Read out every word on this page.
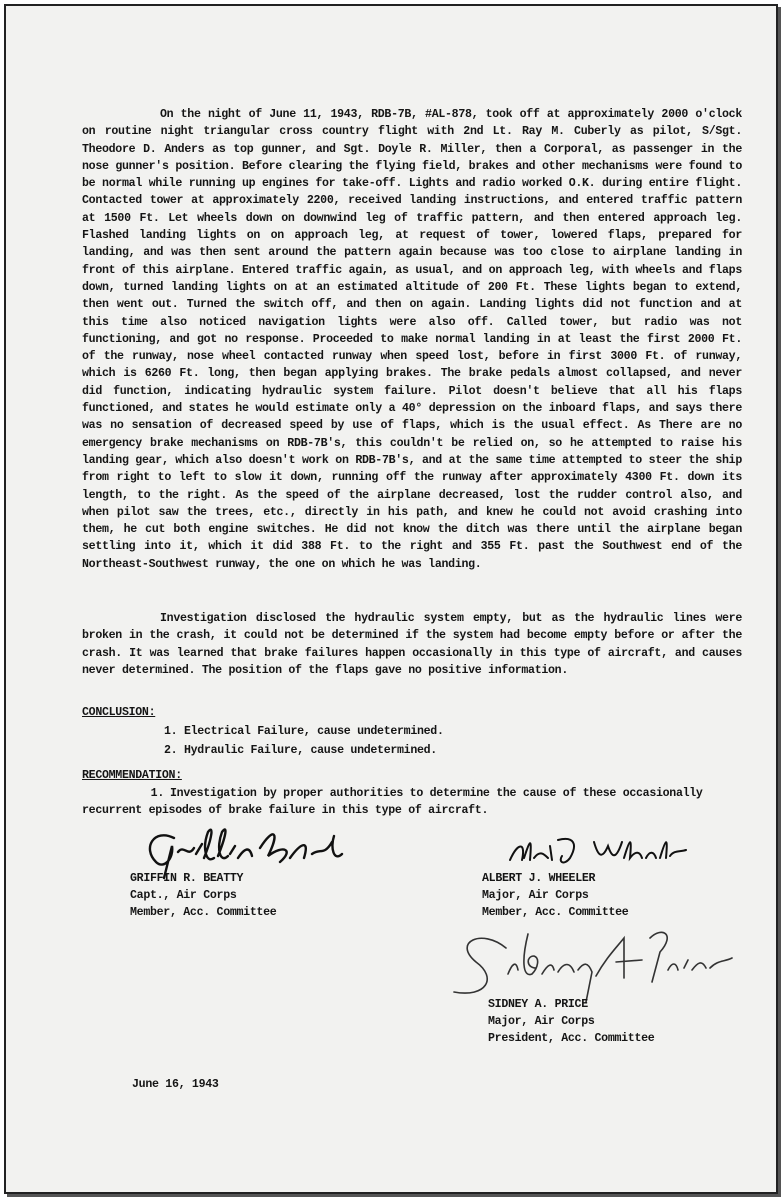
On the night of June 11, 1943, RDB-7B, #AL-878, took off at approximately 2000 o'clock on routine night triangular cross country flight with 2nd Lt. Ray M. Cuberly as pilot, S/Sgt. Theodore D. Anders as top gunner, and Sgt. Doyle R. Miller, then a Corporal, as passenger in the nose gunner's position. Before clearing the flying field, brakes and other mechanisms were found to be normal while running up engines for take-off. Lights and radio worked O.K. during entire flight. Contacted tower at approximately 2200, received landing instructions, and entered traffic pattern at 1500 Ft. Let wheels down on downwind leg of traffic pattern, and then entered approach leg. Flashed landing lights on on approach leg, at request of tower, lowered flaps, prepared for landing, and was then sent around the pattern again because was too close to airplane landing in front of this airplane. Entered traffic again, as usual, and on approach leg, with wheels and flaps down, turned landing lights on at an estimated altitude of 200 Ft. These lights began to extend, then went out. Turned the switch off, and then on again. Landing lights did not function and at this time also noticed navigation lights were also off. Called tower, but radio was not functioning, and got no response. Proceeded to make normal landing in at least the first 2000 Ft. of the runway, nose wheel contacted runway when speed lost, before in first 3000 Ft. of runway, which is 6260 Ft. long, then began applying brakes. The brake pedals almost collapsed, and never did function, indicating hydraulic system failure. Pilot doesn't believe that all his flaps functioned, and states he would estimate only a 40° depression on the inboard flaps, and says there was no sensation of decreased speed by use of flaps, which is the usual effect. As There are no emergency brake mechanisms on RDB-7B's, this couldn't be relied on, so he attempted to raise his landing gear, which also doesn't work on RDB-7B's, and at the same time attempted to steer the ship from right to left to slow it down, running off the runway after approximately 4300 Ft. down its length, to the right. As the speed of the airplane decreased, lost the rudder control also, and when pilot saw the trees, etc., directly in his path, and knew he could not avoid crashing into them, he cut both engine switches. He did not know the ditch was there until the airplane began settling into it, which it did 388 Ft. to the right and 355 Ft. past the Southwest end of the Northeast-Southwest runway, the one on which he was landing.
Investigation disclosed the hydraulic system empty, but as the hydraulic lines were broken in the crash, it could not be determined if the system had become empty before or after the crash. It was learned that brake failures happen occasionally in this type of aircraft, and causes never determined. The position of the flaps gave no positive information.
CONCLUSION:
1. Electrical Failure, cause undetermined.
2. Hydraulic Failure, cause undetermined.
RECOMMENDATION:
1. Investigation by proper authorities to determine the cause of these occasionally recurrent episodes of brake failure in this type of aircraft.
GRIFFIN R. BEATTY
Capt., Air Corps
Member, Acc. Committee
ALBERT J. WHEELER
Major, Air Corps
Member, Acc. Committee
SIDNEY A. PRICE
Major, Air Corps
President, Acc. Committee
June 16, 1943
